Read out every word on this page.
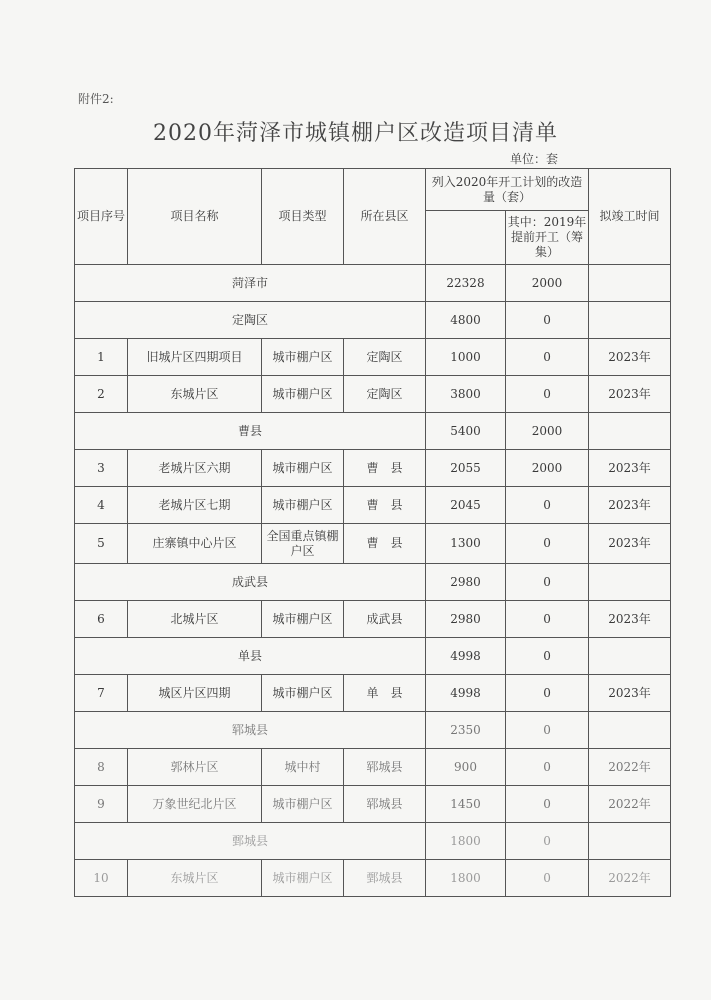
附件2:
2020年菏泽市城镇棚户区改造项目清单
单位：套
项目序号	项目名称	项目类型	所在县区	列入2020年开工计划的改造量（套）		拟竣工时间
					其中：2019年提前开工（筹集）	
菏泽市				22328	2000	
定陶区				4800	0	
1	旧城片区四期项目	城市棚户区	定陶区	1000	0	2023年
2	东城片区	城市棚户区	定陶区	3800	0	2023年
曹县				5400	2000	
3	老城片区六期	城市棚户区	曹　县	2055	2000	2023年
4	老城片区七期	城市棚户区	曹　县	2045	0	2023年
5	庄寨镇中心片区	全国重点镇棚户区	曹　县	1300	0	2023年
成武县				2980	0	
6	北城片区	城市棚户区	成武县	2980	0	2023年
单县				4998	0	
7	城区片区四期	城市棚户区	单　县	4998	0	2023年
郓城县				2350	0	
8	郭林片区	城中村	郓城县	900	0	2022年
9	万象世纪北片区	城市棚户区	郓城县	1450	0	2022年
鄄城县				1800	0	
10	东城片区	城市棚户区	鄄城县	1800	0	2022年
